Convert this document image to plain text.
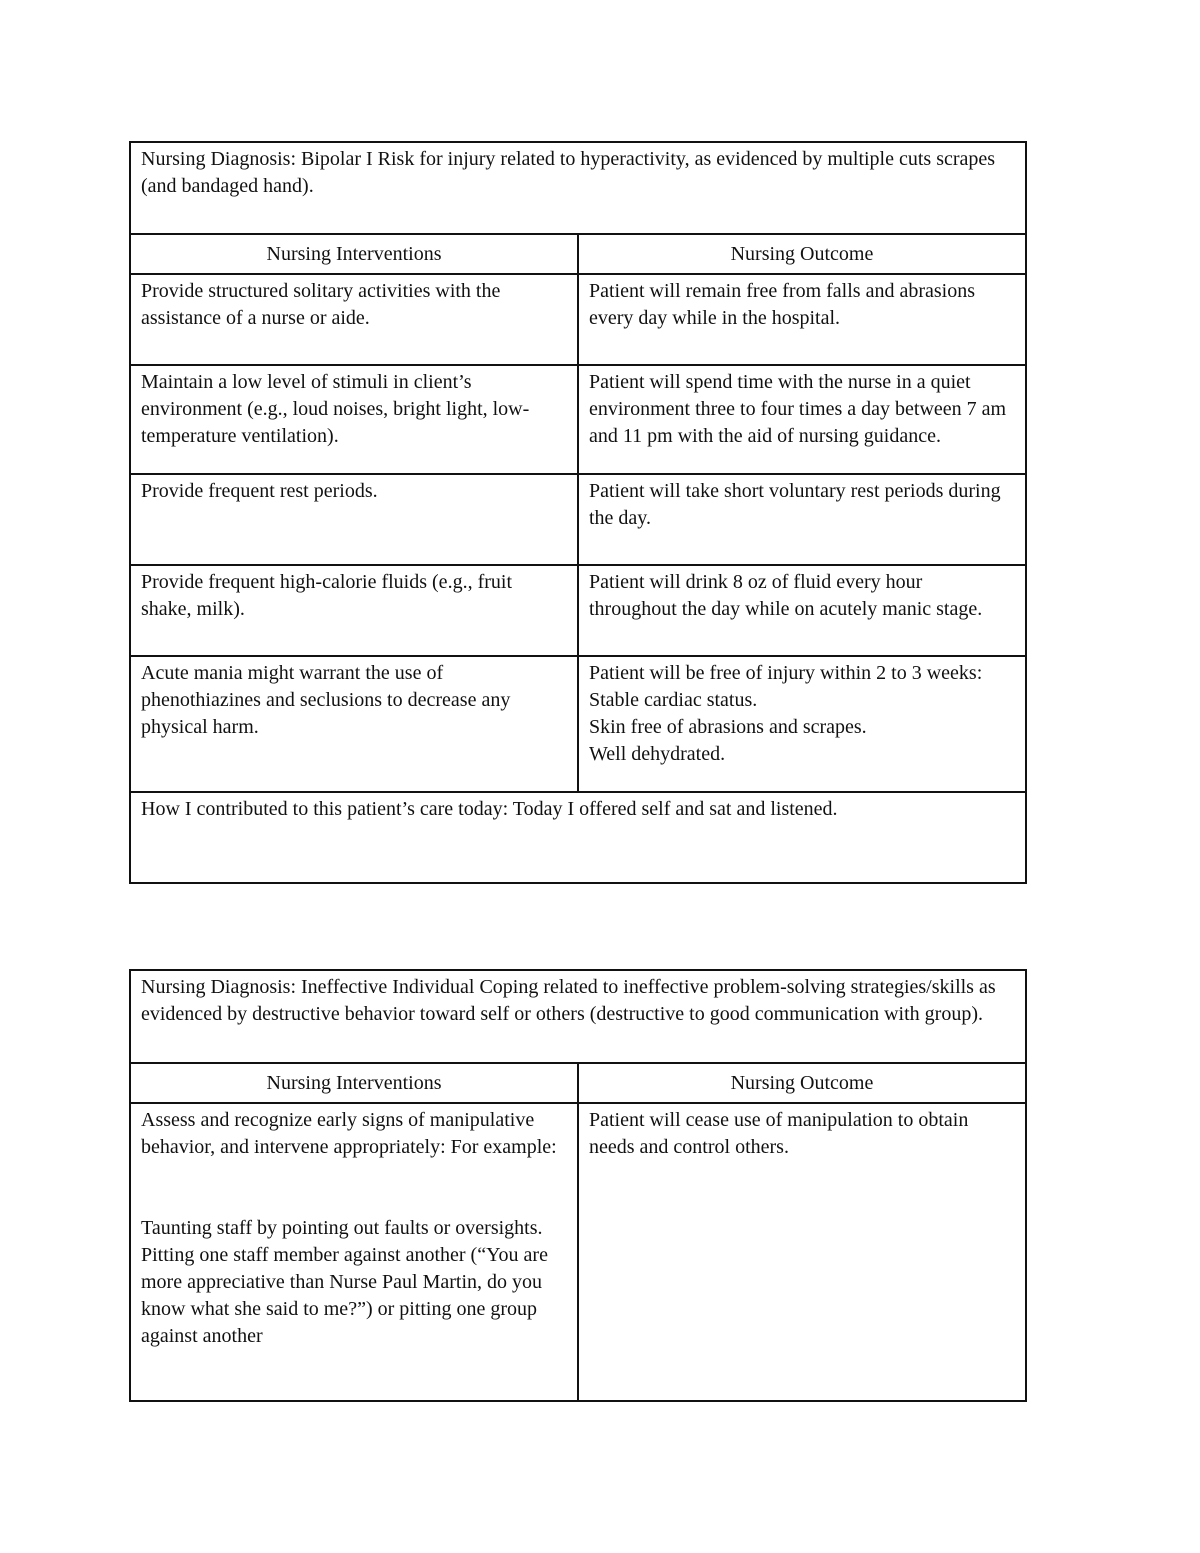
Nursing Diagnosis: Bipolar I Risk for injury related to hyperactivity, as evidenced by multiple cuts scrapes (and bandaged hand).	
Nursing Interventions	Nursing Outcome
Provide structured solitary activities with the assistance of a nurse or aide.	Patient will remain free from falls and abrasions every day while in the hospital.
Maintain a low level of stimuli in client’s environment (e.g., loud noises, bright light, low-temperature ventilation).	Patient will spend time with the nurse in a quiet environment three to four times a day between 7 am and 11 pm with the aid of nursing guidance.
Provide frequent rest periods.	Patient will take short voluntary rest periods during the day.
Provide frequent high-calorie fluids (e.g., fruit shake, milk).	Patient will drink 8 oz of fluid every hour throughout the day while on acutely manic stage.
Acute mania might warrant the use of phenothiazines and seclusions to decrease any physical harm.	Patient will be free of injury within 2 to 3 weeks:
Stable cardiac status.
Skin free of abrasions and scrapes.
Well dehydrated.

How I contributed to this patient’s care today: Today I offered self and sat and listened.	
Nursing Diagnosis: Ineffective Individual Coping related to ineffective problem-solving strategies/skills as evidenced by destructive behavior toward self or others (destructive to good communication with group).	
Nursing Interventions	Nursing Outcome

Assess and recognize early signs of manipulative behavior, and intervene appropriately: For example:
Taunting staff by pointing out faults or oversights.
Pitting one staff member against another (“You are more appreciative than Nurse Paul Martin, do you know what she said to me?”) or pitting one group against another	Patient will cease use of manipulation to obtain needs and control others.
